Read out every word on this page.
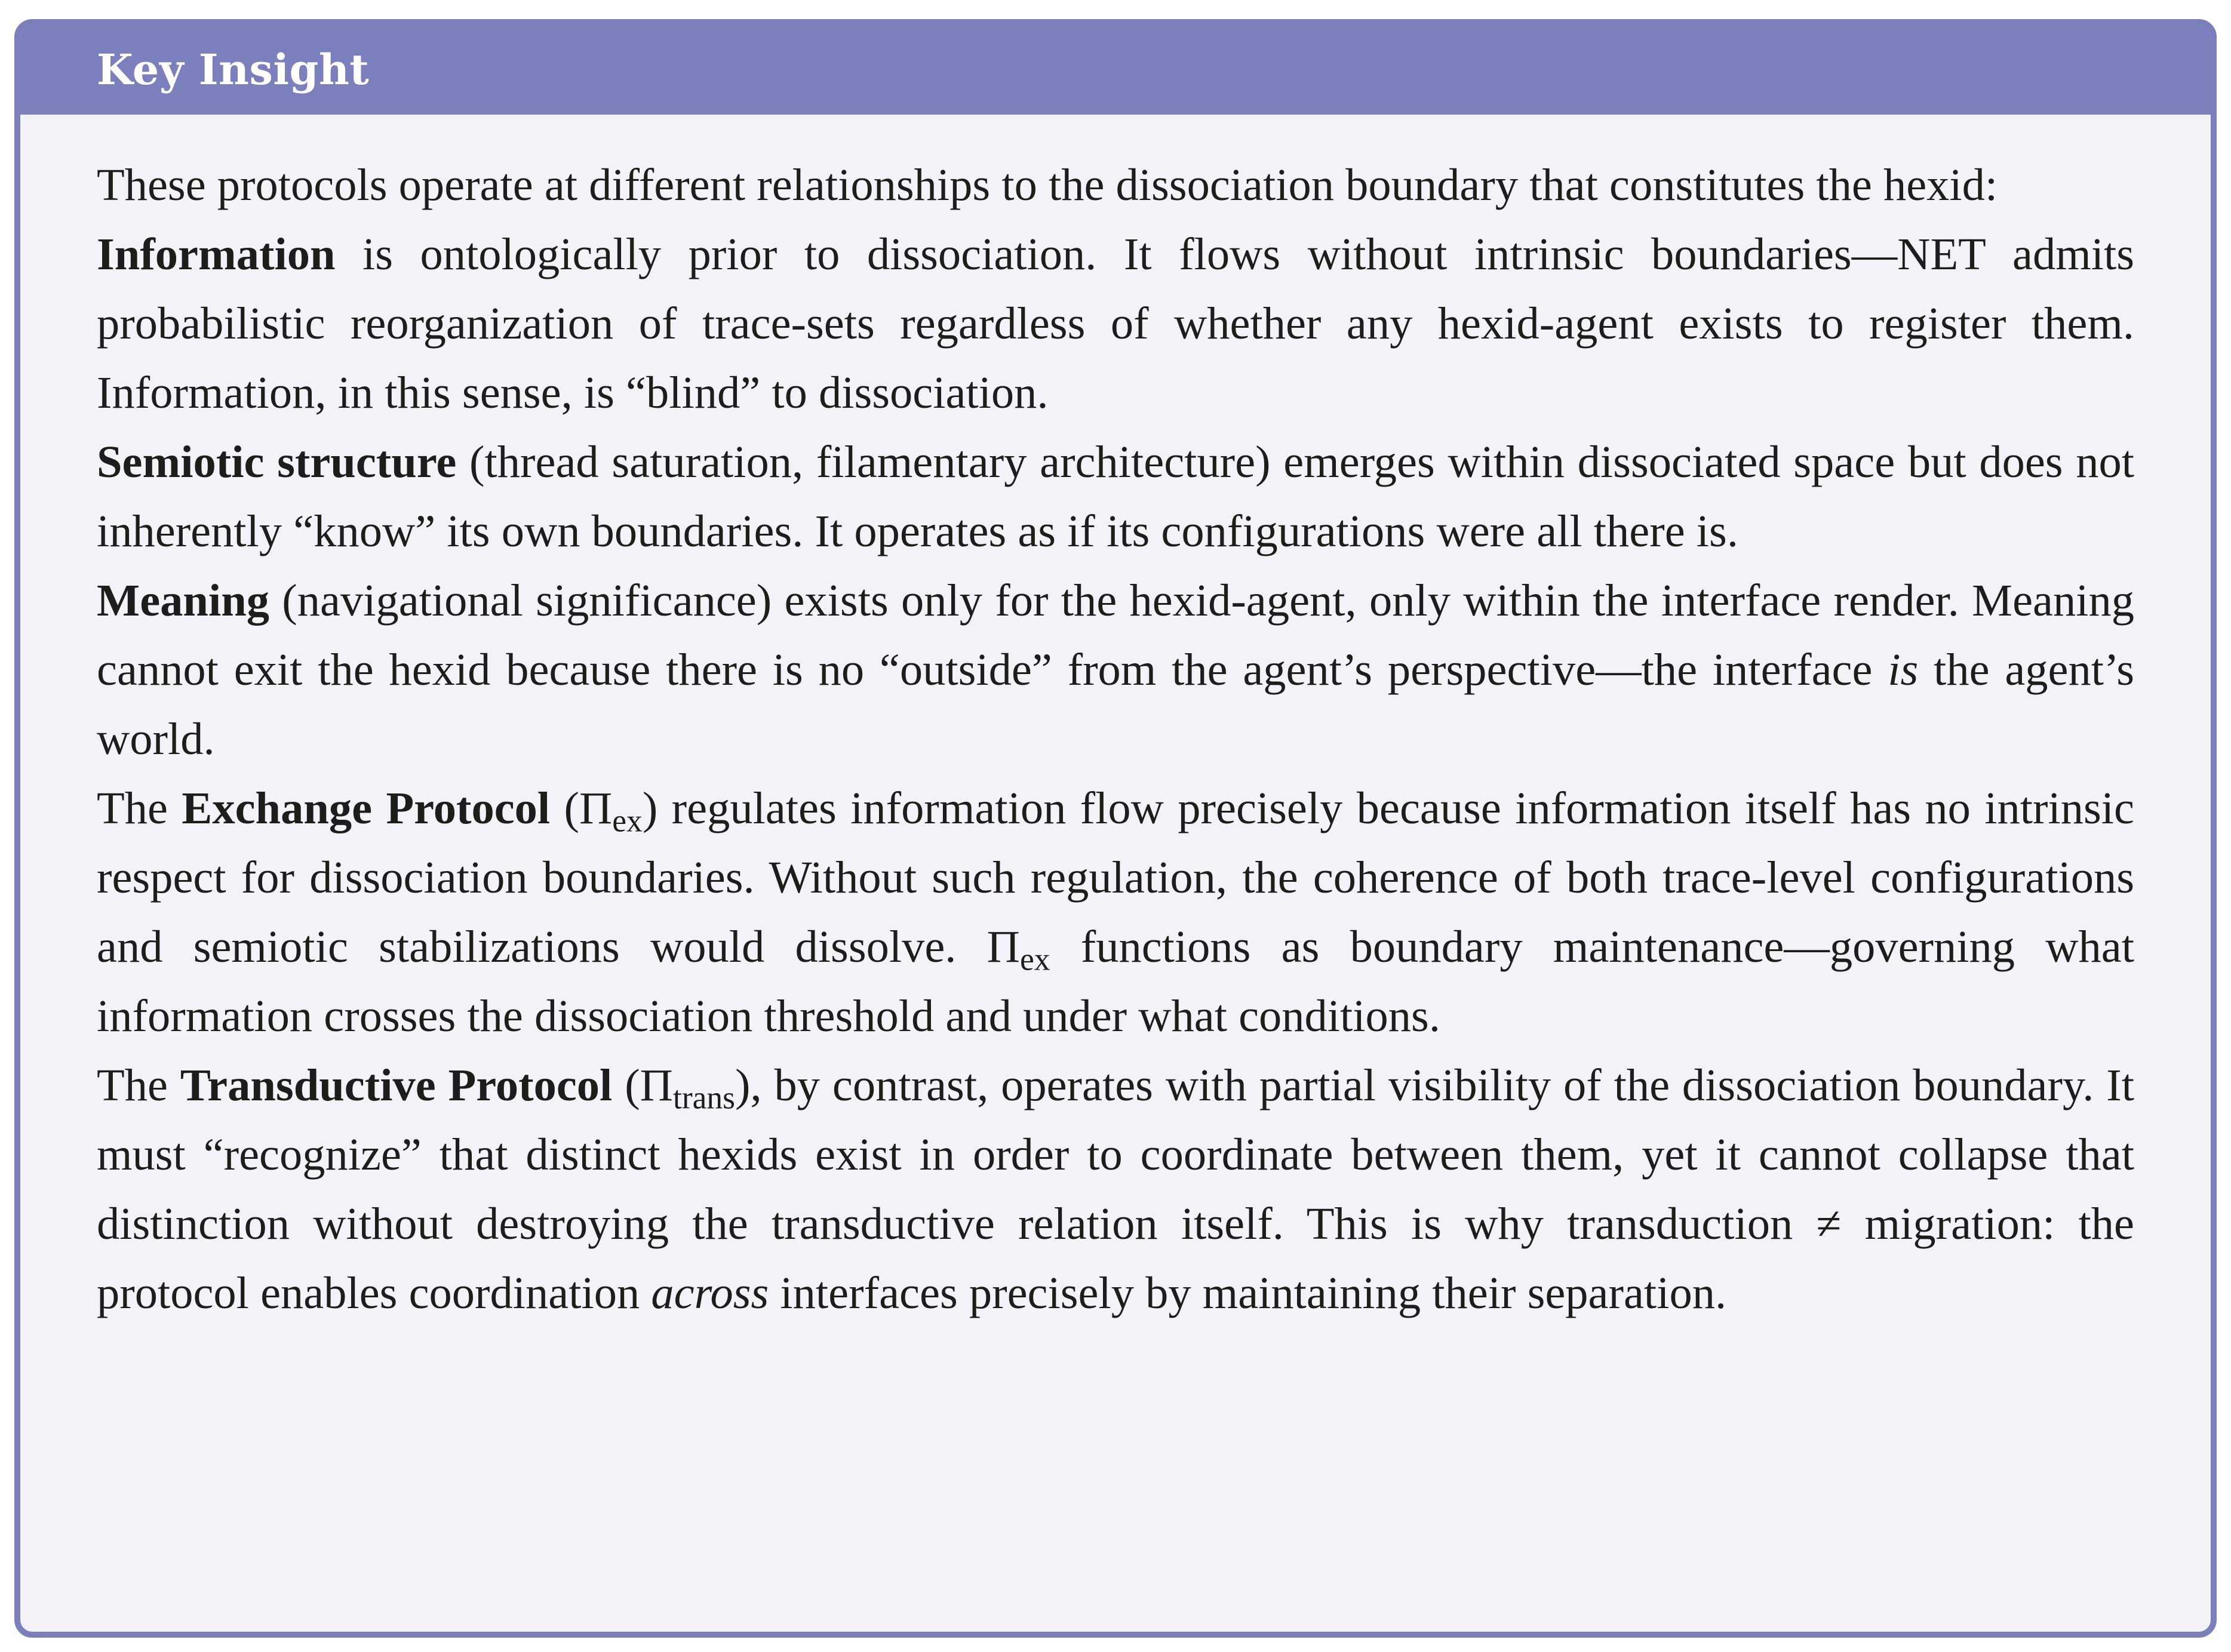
Key Insight

These protocols operate at different relationships to the dissociation boundary that constitutes the hexid:

Information is ontologically prior to dissociation. It flows without intrinsic boundaries—NET admits probabilistic reorganization of trace-sets regardless of whether any hexid-agent exists to register them. Information, in this sense, is “blind” to dissociation.

Semiotic structure (thread saturation, filamentary architecture) emerges within dissociated space but does not inherently “know” its own boundaries. It operates as if its configurations were all there is.

Meaning (navigational significance) exists only for the hexid-agent, only within the interface render. Meaning cannot exit the hexid because there is no “outside” from the agent’s perspective—the interface is the agent’s world.

The Exchange Protocol $(\Pi_{ex})$ regulates information flow precisely because information itself has no intrinsic respect for dissociation boundaries. Without such regulation, the coherence of both trace-level configurations and semiotic stabilizations would dissolve. $\Pi_{ex}$ functions as boundary maintenance—governing what information crosses the dissociation threshold and under what conditions.

The Transductive Protocol $(\Pi_{trans})$, by contrast, operates with partial visibility of the dissociation boundary. It must “recognize” that distinct hexids exist in order to coordinate between them, yet it cannot collapse that distinction without destroying the transductive relation itself. This is why transduction ≠ migration: the protocol enables coordination across interfaces precisely by maintaining their separation.
